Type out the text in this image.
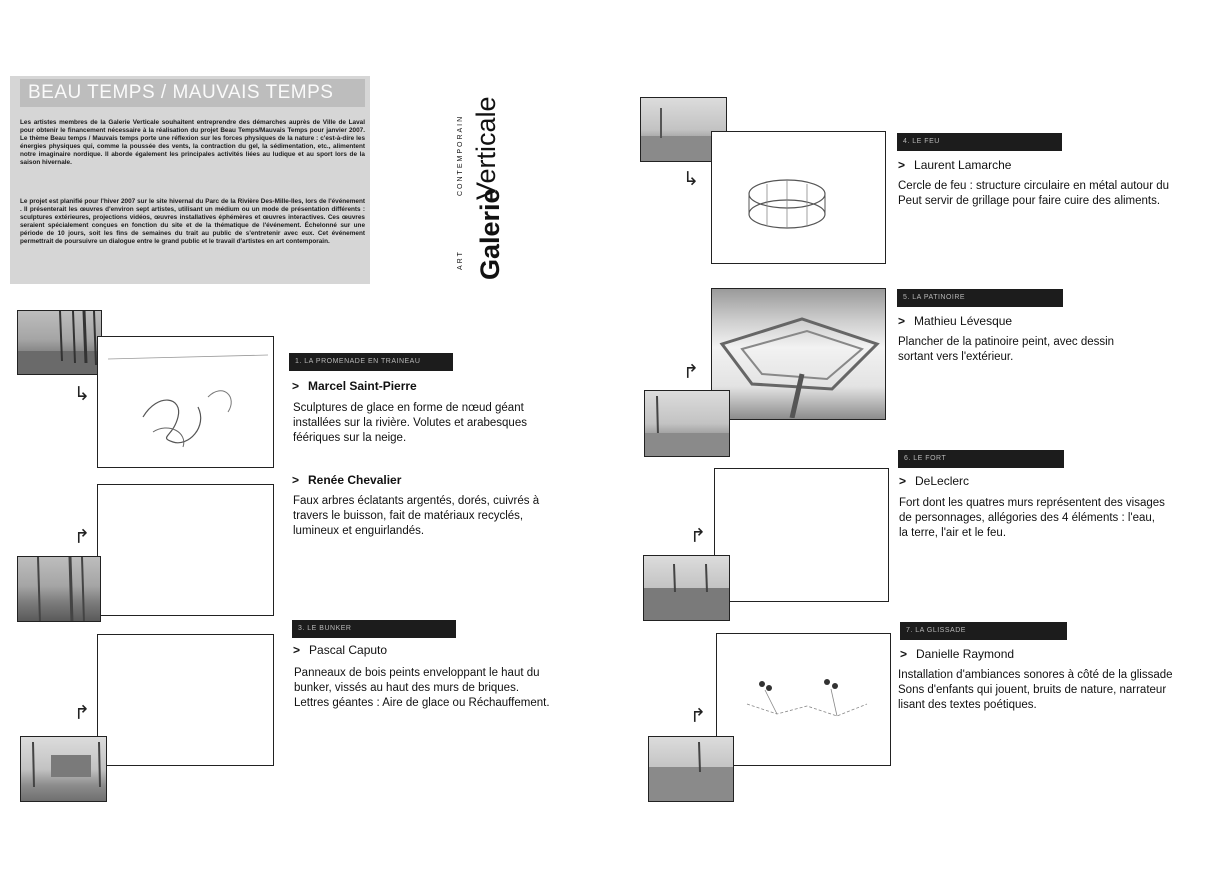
BEAU TEMPS / MAUVAIS TEMPS

Les artistes membres de la Galerie Verticale souhaitent entreprendre des démarches auprès de Ville de Laval pour obtenir le financement nécessaire à la réalisation du projet Beau Temps/Mauvais Temps pour janvier 2007. Le thème Beau temps / Mauvais temps porte une réflexion sur les forces physiques de la nature : c'est-à-dire les énergies physiques qui, comme la poussée des vents, la contraction du gel, la sédimentation, etc., alimentent notre imaginaire nordique. Il aborde également les principales activités liées au ludique et au sport lors de la saison hivernale.

Le projet est planifié pour l'hiver 2007 sur le site hivernal du Parc de la Rivière Des-Mille-Iles, lors de l'événement . Il présenterait les œuvres d'environ sept artistes, utilisant un médium ou un mode de présentation différents : sculptures extérieures, projections vidéos, œuvres installatives éphémères et œuvres interactives. Ces œuvres seraient spécialement conçues en fonction du site et de la thématique de l'événement. Échelonné sur une période de 10 jours, soit les fins de semaines du trait au public de s'entretenir avec eux. Cet événement permettrait de poursuivre un dialogue entre le grand public et le travail d'artistes en art contemporain.

ART
CONTEMPORAIN
Galerie
Verticale
↳
1. LA PROMENADE EN TRAINEAU
> Marcel Saint-Pierre
Sculptures de glace en forme de nœud géant
installées sur la rivière. Volutes et arabesques
féériques sur la neige.
↱
> Renée Chevalier
Faux arbres éclatants argentés, dorés, cuivrés à
travers le buisson, fait de matériaux recyclés,
lumineux et enguirlandés.
↱
3. LE BUNKER
> Pascal Caputo
Panneaux de bois peints enveloppant le haut du
bunker, vissés au haut des murs de briques.
Lettres géantes : Aire de glace ou Réchauffement.
↳
4. LE FEU
> Laurent Lamarche
Cercle de feu : structure circulaire en métal autour du
Peut servir de grillage pour faire cuire des aliments.
↱
5. LA PATINOIRE
> Mathieu Lévesque
Plancher de la patinoire peint, avec dessin
sortant vers l'extérieur.
↱
6. LE FORT
> DeLeclerc
Fort dont les quatres murs représentent des visages
de personnages, allégories des 4 éléments : l'eau,
la terre, l'air et le feu.
↱
7. LA GLISSADE
> Danielle Raymond
Installation d'ambiances sonores à côté de la glissade
Sons d'enfants qui jouent, bruits de nature, narrateur
lisant des textes poétiques.
